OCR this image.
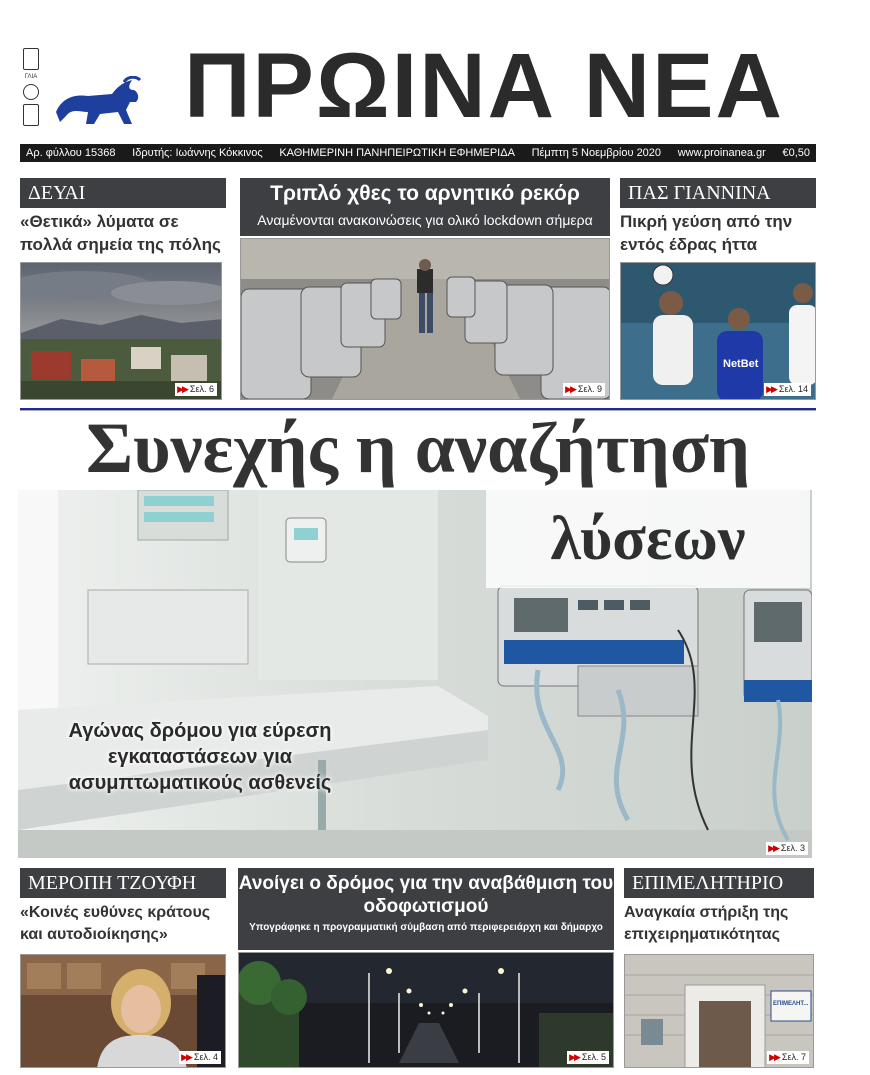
ΓΛΙΑ	ΠΡΩΙΝΑ ΝΕΑ
Αρ. φύλλου 15368 Ιδρυτής: Ιωάννης Κόκκινος ΚΑΘΗΜΕΡΙΝΗ ΠΑΝΗΠΕΙΡΩΤΙΚΗ ΕΦΗΜΕΡΙΔΑ Πέμπτη 5 Νοεμβρίου 2020 www.proinanea.gr €0,50
ΔΕΥΑΙ
«Θετικά» λύματα σε πολλά σημεία της πόλης
▶▶ Σελ. 6
Τριπλό χθες το αρνητικό ρεκόρ
Αναμένονται ανακοινώσεις για ολικό lockdown σήμερα
▶▶ Σελ. 9
ΠΑΣ ΓΙΑΝΝΙΝΑ
Πικρή γεύση από την εντός έδρας ήττα
NetBet
▶▶ Σελ. 14
Συνεχής η αναζήτηση
▶▶ Σελ. 3
λύσεων
Αγώνας δρόμου για εύρεση εγκαταστάσεων για ασυμπτωματικούς ασθενείς
ΜΕΡΟΠΗ ΤΖΟΥΦΗ
«Κοινές ευθύνες κράτους και αυτοδιοίκησης»
▶▶ Σελ. 4
Ανοίγει ο δρόμος για την αναβάθμιση του οδοφωτισμού
Υπογράφηκε η προγραμματική σύμβαση από περιφερειάρχη και δήμαρχο
▶▶ Σελ. 5
ΕΠΙΜΕΛΗΤΗΡΙΟ
Αναγκαία στήριξη της επιχειρηματικότητας
ΕΠΙΜΕΛΗΤ...
▶▶ Σελ. 7
